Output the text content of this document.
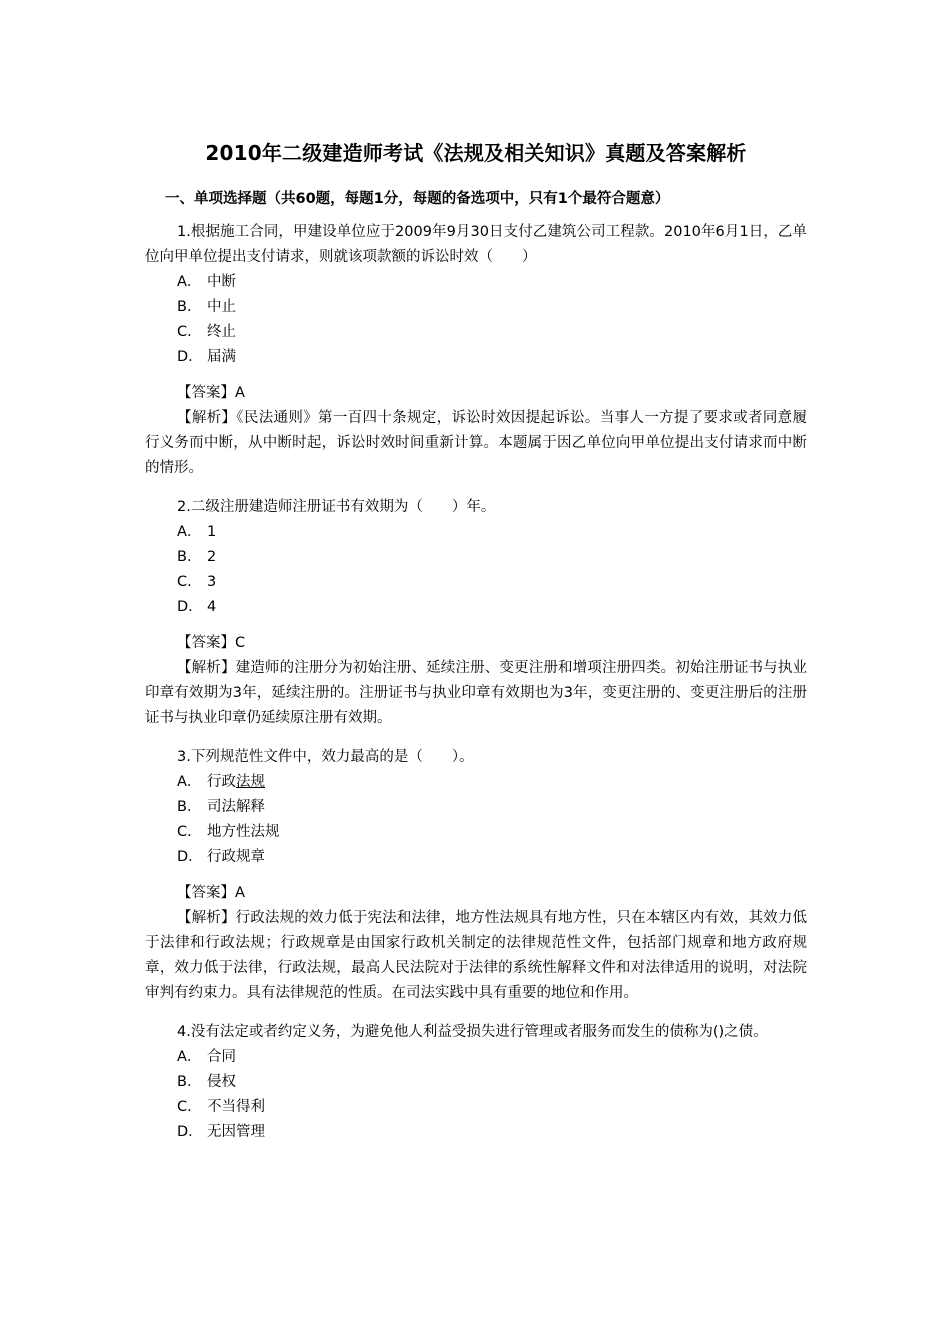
2010年二级建造师考试《法规及相关知识》真题及答案解析
一、单项选择题（共60题，每题1分，每题的备选项中，只有1个最符合题意）

1.根据施工合同，甲建设单位应于2009年9月30日支付乙建筑公司工程款。2010年6月1日，乙单位向甲单位提出支付请求，则就该项款额的诉讼时效（　　）

A． 中断
B． 中止
C． 终止
D． 届满

【答案】A

【解析】《民法通则》第一百四十条规定，诉讼时效因提起诉讼。当事人一方提了要求或者同意履行义务而中断，从中断时起，诉讼时效时间重新计算。本题属于因乙单位向甲单位提出支付请求而中断的情形。

2.二级注册建造师注册证书有效期为（　　）年。

A． 1
B． 2
C． 3
D． 4

【答案】C

【解析】建造师的注册分为初始注册、延续注册、变更注册和增项注册四类。初始注册证书与执业印章有效期为3年，延续注册的。注册证书与执业印章有效期也为3年，变更注册的、变更注册后的注册证书与执业印章仍延续原注册有效期。

3.下列规范性文件中，效力最高的是（　　）。

A． 行政法规
B． 司法解释
C． 地方性法规
D． 行政规章

【答案】A

【解析】行政法规的效力低于宪法和法律，地方性法规具有地方性，只在本辖区内有效，其效力低于法律和行政法规；行政规章是由国家行政机关制定的法律规范性文件，包括部门规章和地方政府规章，效力低于法律，行政法规，最高人民法院对于法律的系统性解释文件和对法律适用的说明，对法院审判有约束力。具有法律规范的性质。在司法实践中具有重要的地位和作用。

4.没有法定或者约定义务，为避免他人利益受损失进行管理或者服务而发生的债称为()之债。

A． 合同
B． 侵权
C． 不当得利
D． 无因管理
